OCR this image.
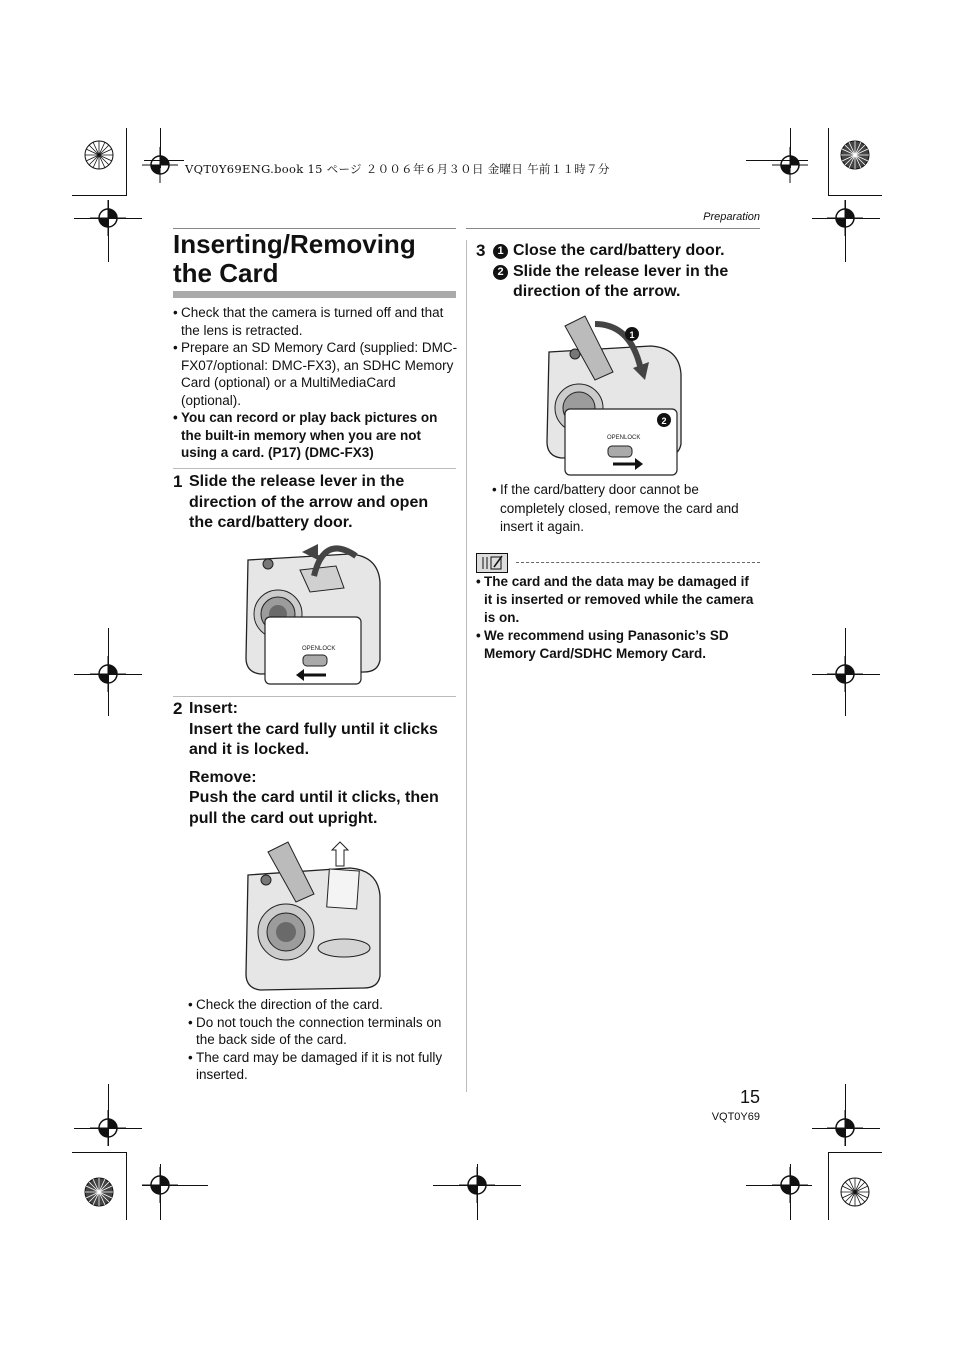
VQT0Y69ENG.book 15 ページ ２００６年６月３０日 金曜日 午前１１時７分
Preparation
Inserting/Removing
the Card
• Check that the camera is turned off and that the lens is retracted.
• Prepare an SD Memory Card (supplied: DMC-FX07/optional: DMC-FX3), an SDHC Memory Card (optional) or a MultiMediaCard (optional).
• You can record or play back pictures on the built-in memory when you are not using a card. (P17) (DMC-FX3)
1 Slide the release lever in the direction of the arrow and open the card/battery door.
OPEN LOCK
2 Insert:
Insert the card fully until it clicks and it is locked.
Remove:
Push the card until it clicks, then pull the card out upright.
• Check the direction of the card.
• Do not touch the connection terminals on the back side of the card.
• The card may be damaged if it is not fully inserted.
3	1 Close the card/battery door.
2 Slide the release lever in the direction of the arrow.
OPEN LOCK
1
2
• If the card/battery door cannot be completely closed, remove the card and insert it again.
• The card and the data may be damaged if it is inserted or removed while the camera is on.
• We recommend using Panasonic’s SD Memory Card/SDHC Memory Card.
15
VQT0Y69
